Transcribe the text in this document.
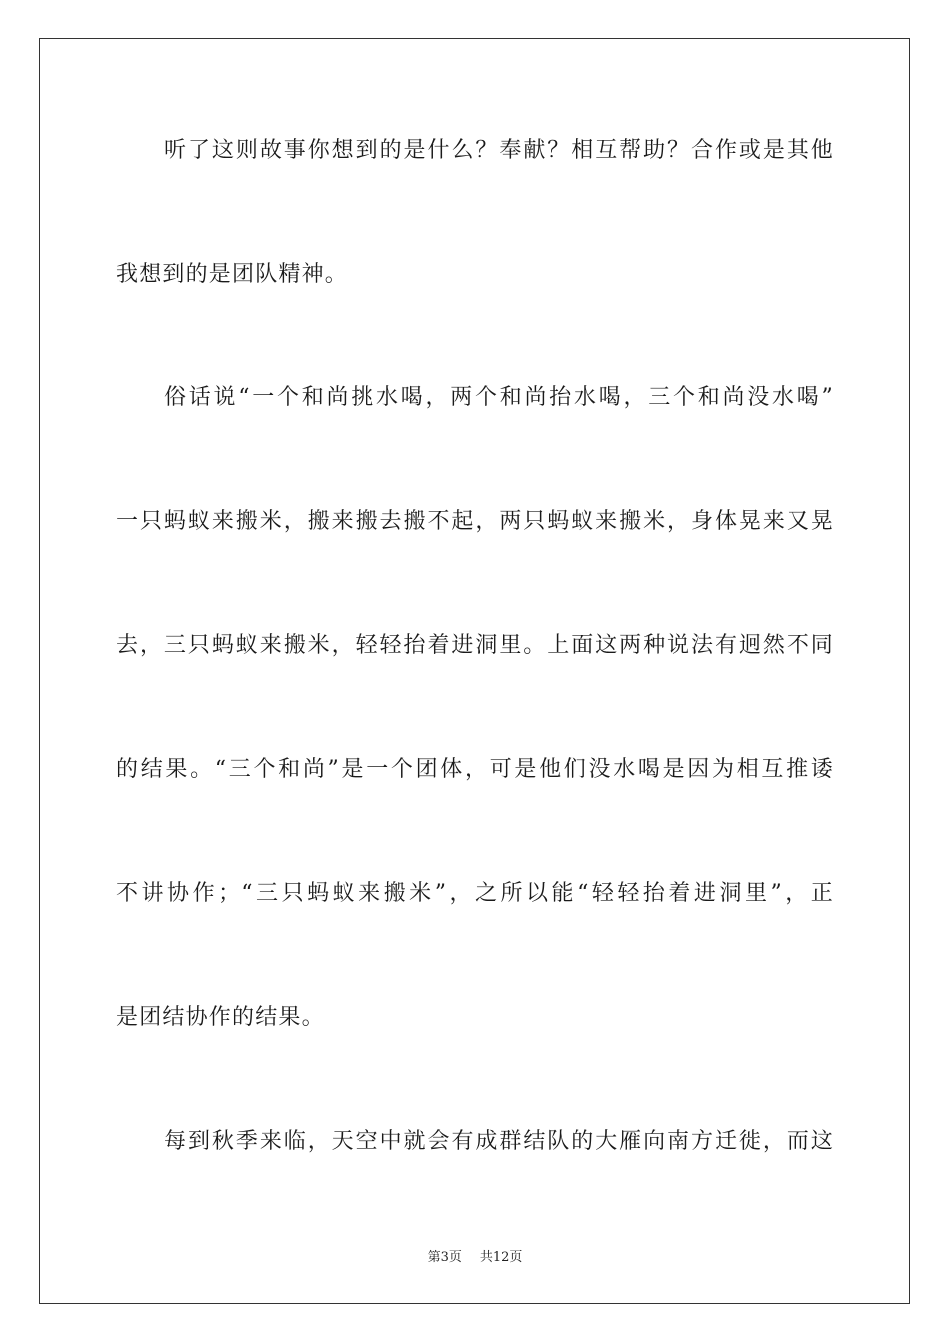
听了这则故事你想到的是什么？奉献？相互帮助？合作或是其他
我想到的是团队精神。
俗话说“一个和尚挑水喝，两个和尚抬水喝，三个和尚没水喝”
一只蚂蚁来搬米，搬来搬去搬不起，两只蚂蚁来搬米，身体晃来又晃
去，三只蚂蚁来搬米，轻轻抬着进洞里。上面这两种说法有迥然不同
的结果。“三个和尚”是一个团体，可是他们没水喝是因为相互推诿
不讲协作；“三只蚂蚁来搬米”，之所以能“轻轻抬着进洞里”，正
是团结协作的结果。
每到秋季来临，天空中就会有成群结队的大雁向南方迁徙，而这
第3页 共12页
